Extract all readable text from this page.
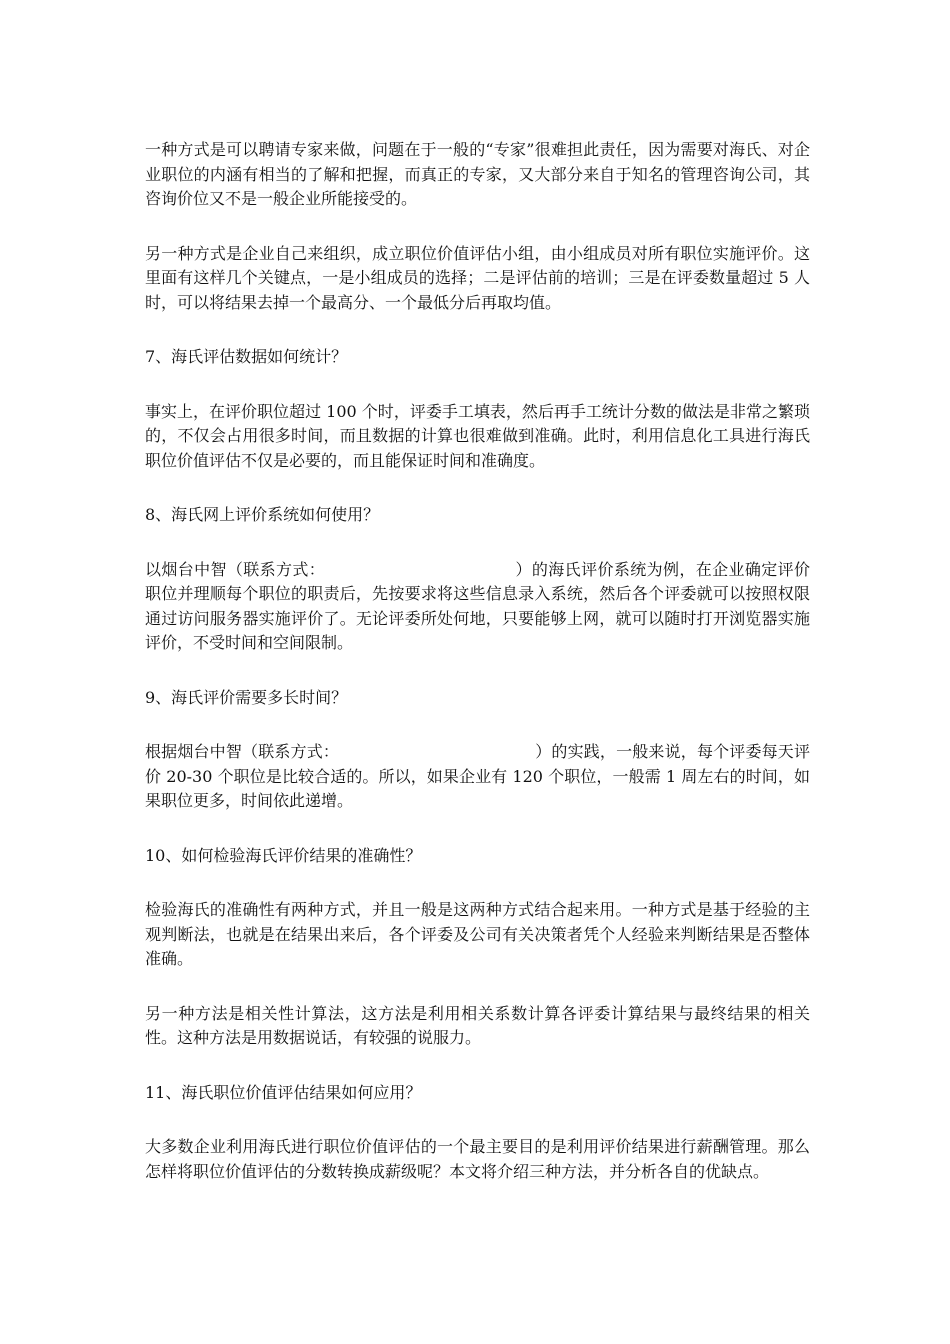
一种方式是可以聘请专家来做，问题在于一般的“专家”很难担此责任，因为需要对海氏、对企业职位的内涵有相当的了解和把握，而真正的专家，又大部分来自于知名的管理咨询公司，其咨询价位又不是一般企业所能接受的。

另一种方式是企业自己来组织，成立职位价值评估小组，由小组成员对所有职位实施评价。这里面有这样几个关键点，一是小组成员的选择；二是评估前的培训；三是在评委数量超过 5 人时，可以将结果去掉一个最高分、一个最低分后再取均值。

7、海氏评估数据如何统计？

事实上，在评价职位超过 100 个时，评委手工填表，然后再手工统计分数的做法是非常之繁琐的，不仅会占用很多时间，而且数据的计算也很难做到准确。此时，利用信息化工具进行海氏职位价值评估不仅是必要的，而且能保证时间和准确度。

8、海氏网上评价系统如何使用？

以烟台中智（联系方式：	）的海氏评价系统为例，在企业确定评价职位并理顺每个职位的职责后，先按要求将这些信息录入系统，然后各个评委就可以按照权限通过访问服务器实施评价了。无论评委所处何地，只要能够上网，就可以随时打开浏览器实施评价，不受时间和空间限制。

9、海氏评价需要多长时间？

根据烟台中智（联系方式：	）的实践，一般来说，每个评委每天评价 20-30 个职位是比较合适的。所以，如果企业有 120 个职位，一般需 1 周左右的时间，如果职位更多，时间依此递增。

10、如何检验海氏评价结果的准确性？

检验海氏的准确性有两种方式，并且一般是这两种方式结合起来用。一种方式是基于经验的主观判断法，也就是在结果出来后，各个评委及公司有关决策者凭个人经验来判断结果是否整体准确。

另一种方法是相关性计算法，这方法是利用相关系数计算各评委计算结果与最终结果的相关性。这种方法是用数据说话，有较强的说服力。

11、海氏职位价值评估结果如何应用？

大多数企业利用海氏进行职位价值评估的一个最主要目的是利用评价结果进行薪酬管理。那么怎样将职位价值评估的分数转换成薪级呢？本文将介绍三种方法，并分析各自的优缺点。
